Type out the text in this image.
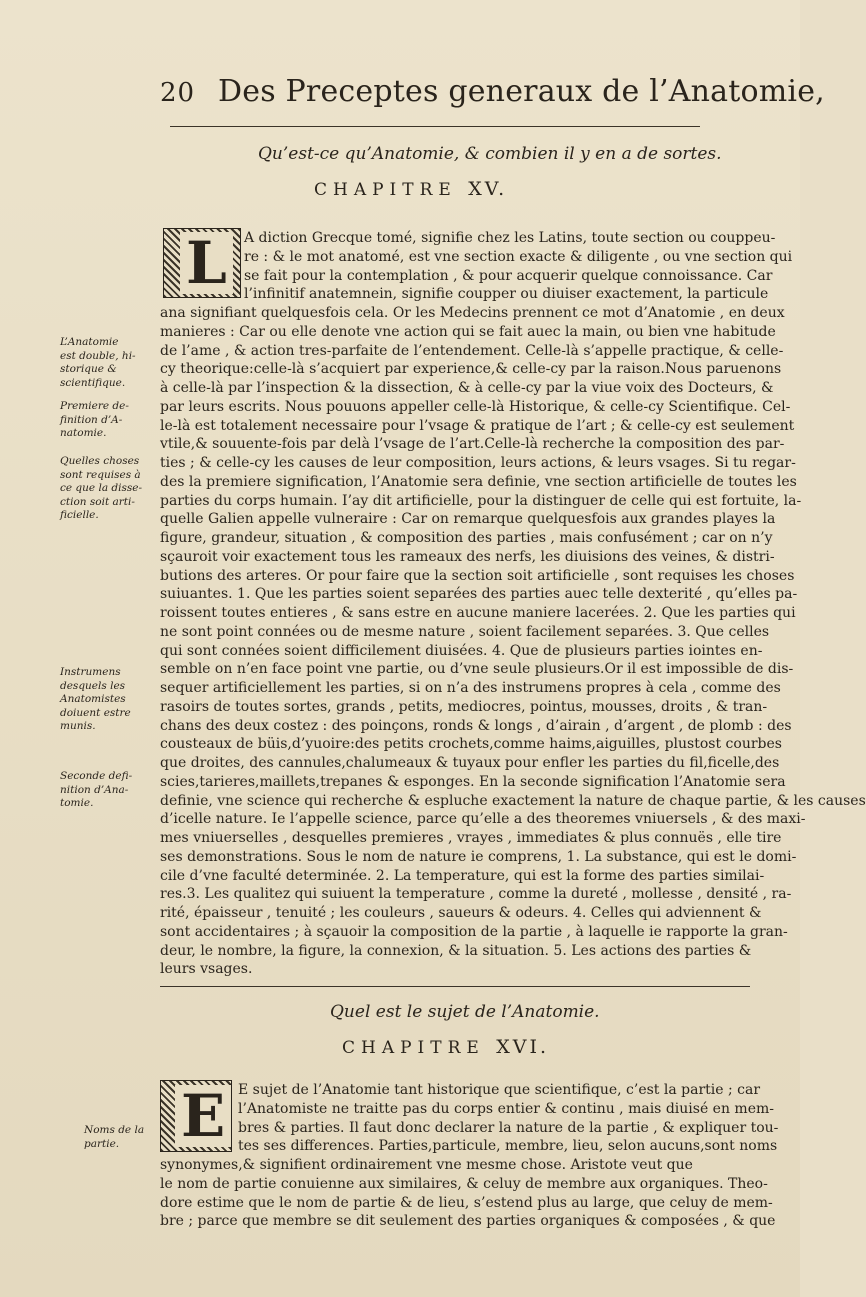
20 Des Preceptes generaux de l’Anatomie,
Qu’est-ce qu’Anatomie, & combien il y en a de sortes.
CHAPITRE XV.
L	A diction Grecque tomé, signifie chez les Latins, toute section ou couppeu-
re : & le mot anatomé, est vne section exacte & diligente , ou vne section qui
se fait pour la contemplation , & pour acquerir quelque connoissance. Car
l’infinitif anatemnein, signifie coupper ou diuiser exactement, la particule
ana signifiant quelquesfois cela. Or les Medecins prennent ce mot d’Anatomie , en deux
manieres : Car ou elle denote vne action qui se fait auec la main, ou bien vne habitude
de l’ame , & action tres-parfaite de l’entendement. Celle-là s’appelle practique, & celle-
cy theorique:celle-là s’acquiert par experience,& celle-cy par la raison.Nous paruenons
à celle-là par l’inspection & la dissection, & à celle-cy par la viue voix des Docteurs, &
par leurs escrits. Nous pouuons appeller celle-là Historique, & celle-cy Scientifique. Cel-
le-là est totalement necessaire pour l’vsage & pratique de l’art ; & celle-cy est seulement
vtile,& souuente-fois par delà l’vsage de l’art.Celle-là recherche la composition des par-
ties ; & celle-cy les causes de leur composition, leurs actions, & leurs vsages. Si tu regar-
des la premiere signification, l’Anatomie sera definie, vne section artificielle de toutes les
parties du corps humain. I’ay dit artificielle, pour la distinguer de celle qui est fortuite, la-
quelle Galien appelle vulneraire : Car on remarque quelquesfois aux grandes playes la
figure, grandeur, situation , & composition des parties , mais confusément ; car on n’y
sçauroit voir exactement tous les rameaux des nerfs, les diuisions des veines, & distri-
butions des arteres. Or pour faire que la section soit artificielle , sont requises les choses
suiuantes. 1. Que les parties soient separées des parties auec telle dexterité , qu’elles pa-
roissent toutes entieres , & sans estre en aucune maniere lacerées. 2. Que les parties qui
ne sont point connées ou de mesme nature , soient facilement separées. 3. Que celles
qui sont connées soient difficilement diuisées. 4. Que de plusieurs parties iointes en-
semble on n’en face point vne partie, ou d’vne seule plusieurs.Or il est impossible de dis-
sequer artificiellement les parties, si on n’a des instrumens propres à cela , comme des
rasoirs de toutes sortes, grands , petits, mediocres, pointus, mousses, droits , & tran-
chans des deux costez : des poinçons, ronds & longs , d’airain , d’argent , de plomb : des
cousteaux de büis,d’yuoire:des petits crochets,comme haims,aiguilles, plustost courbes
que droites, des cannules,chalumeaux & tuyaux pour enfler les parties du fil,ficelle,des
scies,tarieres,maillets,trepanes & esponges. En la seconde signification l’Anatomie sera
definie, vne science qui recherche & espluche exactement la nature de chaque partie, & les causes
d’icelle nature. Ie l’appelle science, parce qu’elle a des theoremes vniuersels , & des maxi-
mes vniuerselles , desquelles premieres , vrayes , immediates & plus connuës , elle tire
ses demonstrations. Sous le nom de nature ie comprens, 1. La substance, qui est le domi-
cile d’vne faculté determinée. 2. La temperature, qui est la forme des parties similai-
res.3. Les qualitez qui suiuent la temperature , comme la dureté , mollesse , densité , ra-
rité, épaisseur , tenuité ; les couleurs , saueurs & odeurs. 4. Celles qui adviennent &
sont accidentaires ; à sçauoir la composition de la partie , à laquelle ie rapporte la gran-
deur, le nombre, la figure, la connexion, & la situation. 5. Les actions des parties &
leurs vsages.
L’Anatomie
est double, hi-
storique &
scientifique.
Premiere de-
finition d’A-
natomie.
Quelles choses
sont requises à
ce que la disse-
ction soit arti-
ficielle.
Instrumens
desquels les
Anatomistes
doiuent estre
munis.
Seconde defi-
nition d’Ana-
tomie.
Quel est le sujet de l’Anatomie.
CHAPITRE XVI.
E E sujet de l’Anatomie tant historique que scientifique, c’est la partie ; car
l’Anatomiste ne traitte pas du corps entier & continu , mais diuisé en mem-
bres & parties. Il faut donc declarer la nature de la partie , & expliquer tou-
tes ses differences. Parties,particule, membre, lieu, selon aucuns,sont noms
synonymes,& signifient ordinairement vne mesme chose. Aristote veut que
le nom de partie conuienne aux similaires, & celuy de membre aux organiques. Theo-
dore estime que le nom de partie & de lieu, s’estend plus au large, que celuy de mem-
bre ; parce que membre se dit seulement des parties organiques & composées , & que
Noms de la
partie.
